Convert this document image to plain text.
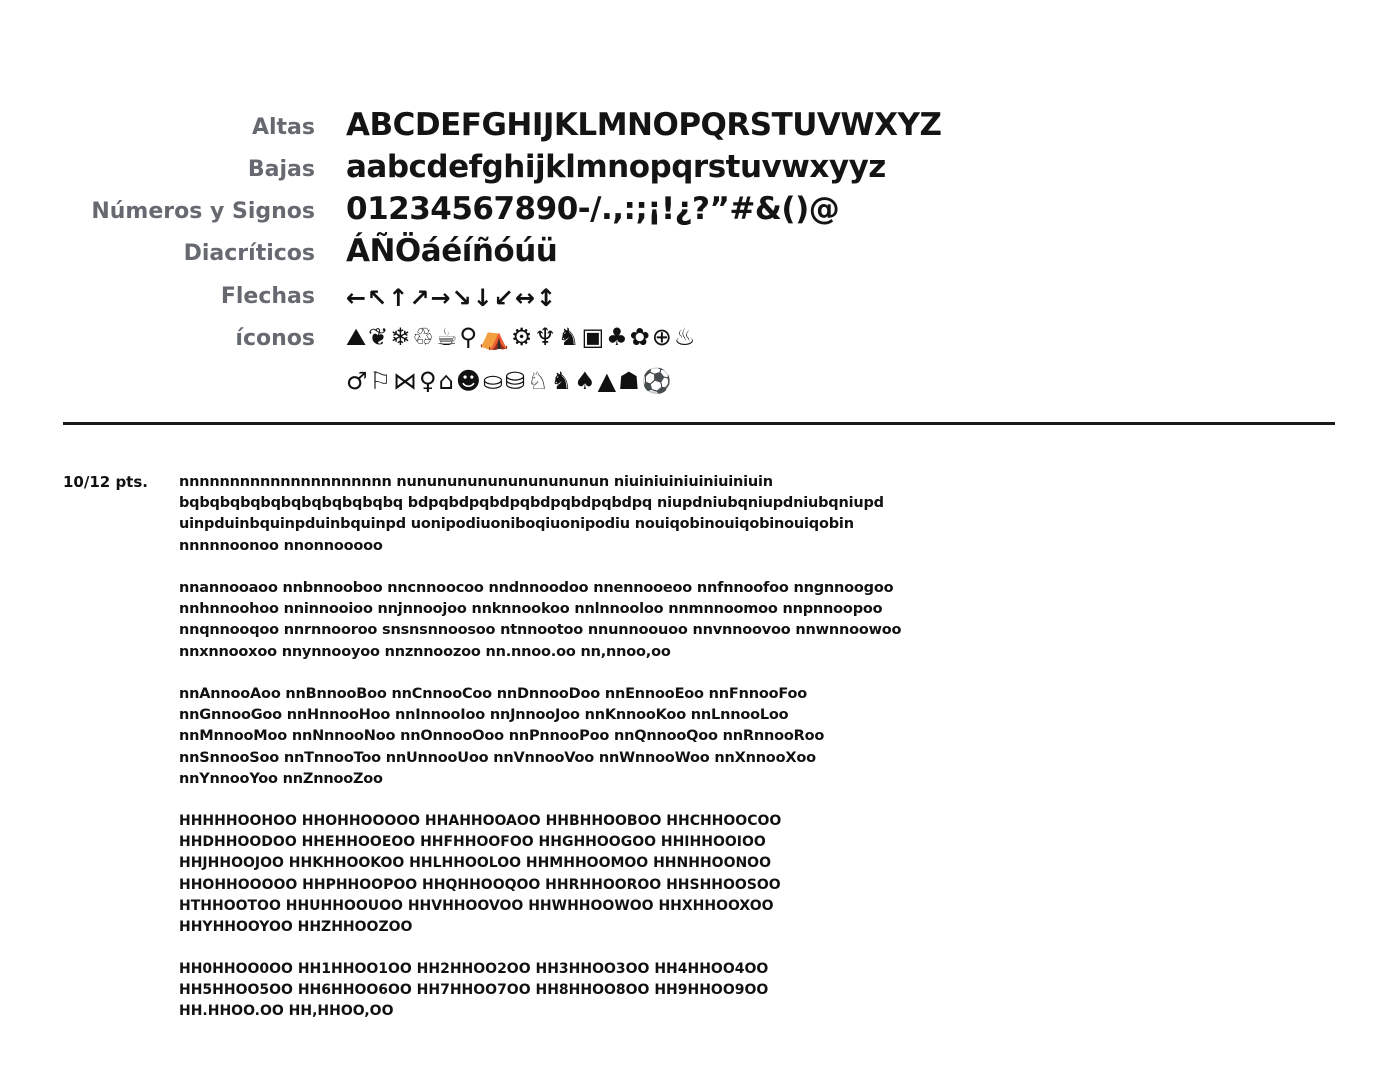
Altas ABCDEFGHIJKLMNOPQRSTUVWXYZ
Bajas aabcdefghijklmnopqrstuvwxyyz
Números y Signos 01234567890-/.,:;¡!¿?”#&()@
Diacríticos ÁÑÖáéíñóúü
Flechas ← ↖ ↑ ↗ → ↘ ↓ ↙ ↔ ↕
íconos ⛰ ❦ ❄ ♲ ☕ ⚲ ⛺ ⚙ ♆ ♞ ▣ ♣ ✿ ⊕ ♨
♂ ⚐ ⋈ ♀ ⌂ ☻ ⛀ ⛁ ♘ ♞ ♠ ▲ ☗ ⚽
10/12 pts. nnnnnnnnnnnnnnnnnnnnn nunununununununununun niuiniuiniuiniuiniuin
bqbqbqbqbqbqbqbqbqbqbq bdpqbdpqbdpqbdpqbdpqbdpq niupdniubqniupdniubqniupd
uinpduinbquinpduinbquinpd uonipodiuoniboqiuonipodiu nouiqobinouiqobinouiqobin
nnnnnoonoo nnonnooooo
nnannooaoo nnbnnooboo nncnnoocoo nndnnoodoo nnennooeoo nnfnnoofoo nngnnoogoo
nnhnnoohoo nninnooioo nnjnnoojoo nnknnookoo nnlnnooloo nnmnnoomoo nnpnnoopoo
nnqnnooqoo nnrnnooroo snsnsnnoosoo ntnnootoo nnunnoouoo nnvnnoovoo nnwnnoowoo
nnxnnooxoo nnynnooyoo nnznnoozoo nn.nnoo.oo nn,nnoo,oo
nnAnnooAoo nnBnnooBoo nnCnnooCoo nnDnnooDoo nnEnnooEoo nnFnnooFoo
nnGnnooGoo nnHnnooHoo nnInnooIoo nnJnnooJoo nnKnnooKoo nnLnnooLoo
nnMnnooMoo nnNnnooNoo nnOnnooOoo nnPnnooPoo nnQnnooQoo nnRnnooRoo
nnSnnooSoo nnTnnooToo nnUnnooUoo nnVnnooVoo nnWnnooWoo nnXnnooXoo
nnYnnooYoo nnZnnooZoo
HHHHHOOHOO HHOHHOOOOO HHAHHOOAOO HHBHHOOBOO HHCHHOOCOO
HHDHHOODOO HHEHHOOEOO HHFHHOOFOO HHGHHOOGOO HHIHHOOIOO
HHJHHOOJOO HHKHHOOKOO HHLHHOOLOO HHMHHOOMOO HHNHHOONOO
HHOHHOOOOO HHPHHOOPOO HHQHHOOQOO HHRHHOOROO HHSHHOOSOO
HTHHOOTOO HHUHHOOUOO HHVHHOOVOO HHWHHOOWOO HHXHHOOXOO
HHYHHOOYOO HHZHHOOZOO
HH0HHOO0OO HH1HHOO1OO HH2HHOO2OO HH3HHOO3OO HH4HHOO4OO
HH5HHOO5OO HH6HHOO6OO HH7HHOO7OO HH8HHOO8OO HH9HHOO9OO
HH.HHOO.OO HH,HHOO,OO
